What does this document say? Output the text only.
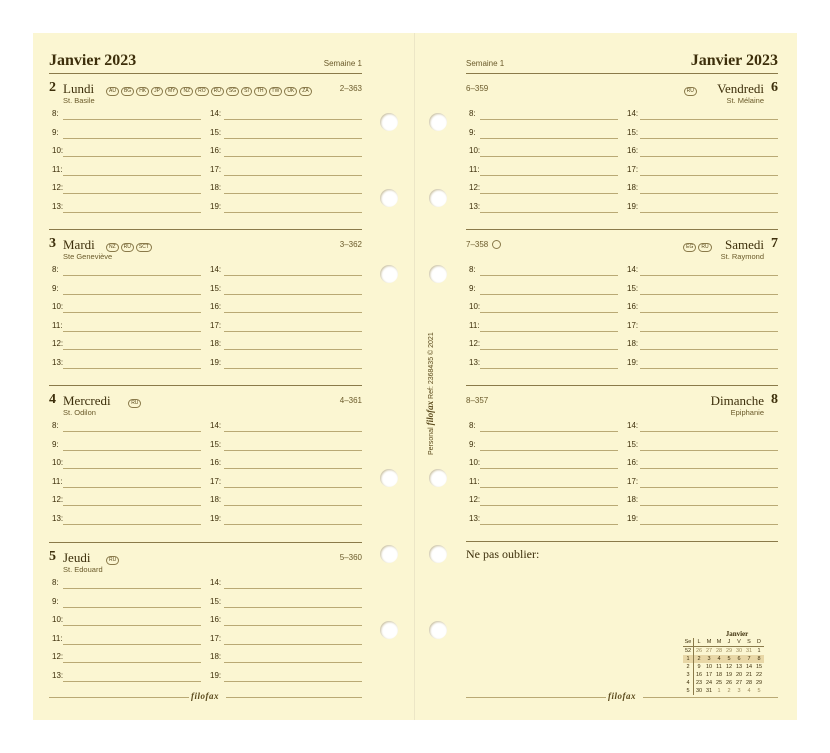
Janvier 2023	Semaine 1	Semaine 1	Janvier 2023
2 Lundi	AU BG HK JP MY NZ RO RU SG SI TH TW UK ZA
St. Basile
2–363
8:	14:
9:	15:
10:	16:
11:	17:
12:	18:
13:	19:
3 Mardi	NZ RU SCT
Ste Geneviève
3–362
8:	14:
9:	15:
10:	16:
11:	17:
12:	18:
13:	19:
4 Mercredi	RU
St. Odilon
4–361
8:	14:
9:	15:
10:	16:
11:	17:
12:	18:
13:	19:
5 Jeudi	RU
St. Edouard
5–360
8:	14:
9:	15:
10:	16:
11:	17:
12:	18:
13:	19:
6–359	6
Vendredi
RU
St. Mélaine
8:	14:
9:	15:
10:	16:
11:	17:
12:	18:
13:	19:
7–358	7
Samedi
EG RU
St. Raymond
8:	14:
9:	15:
10:	16:
11:	17:
12:	18:
13:	19:
8–357	8
Dimanche
Epiphanie
8:	14:
9:	15:
10:	16:
11:	17:
12:	18:
13:	19:
Ne pas oublier:
filofax	filofax
Personal filofax Ref: 2368435 © 2021
Janvier
Se	L	M	M	J	V	S	D
52	26	27	28	29	30	31	1
1	2	3	4	5	6	7	8
2	9	10	11	12	13	14	15
3	16	17	18	19	20	21	22
4	23	24	25	26	27	28	29
5	30	31	1	2	3	4	5
